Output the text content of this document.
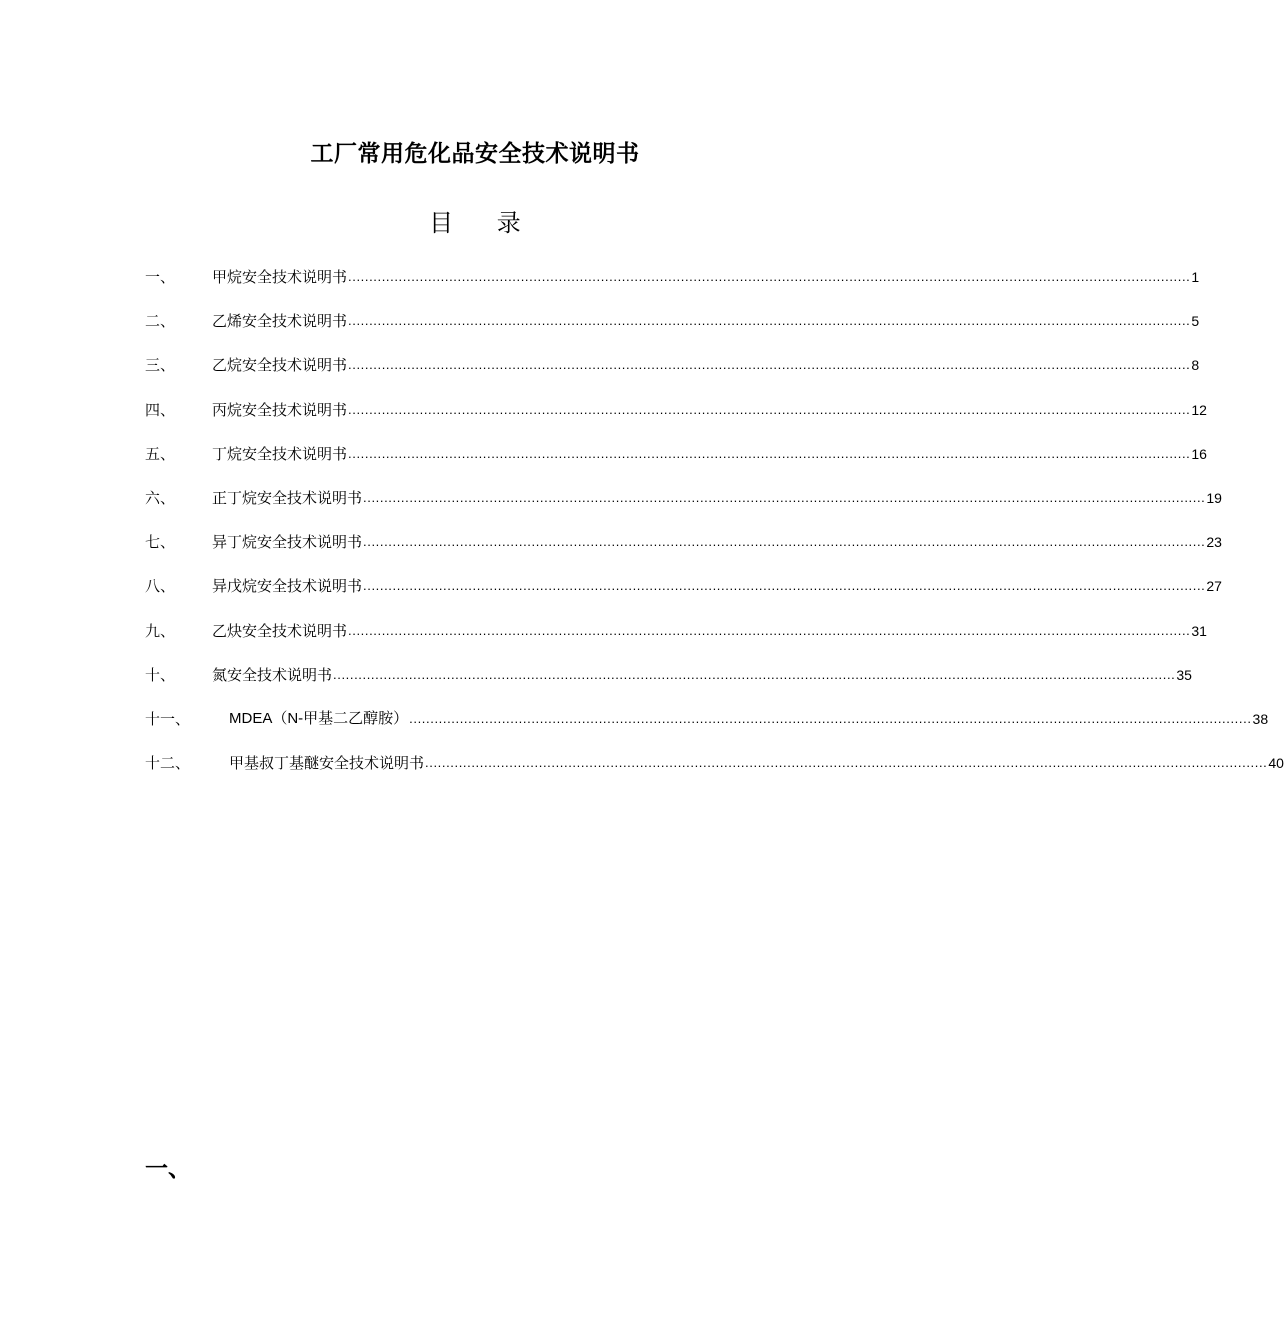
工厂常用危化品安全技术说明书
目 录
一、	甲烷安全技术说明书 ........................................................................................................................................................................................................ 1
二、	乙烯安全技术说明书 ........................................................................................................................................................................................................ 5
三、	乙烷安全技术说明书 ........................................................................................................................................................................................................ 8
四、	丙烷安全技术说明书 ........................................................................................................................................................................................................ 12
五、	丁烷安全技术说明书 ........................................................................................................................................................................................................ 16
六、	正丁烷安全技术说明书 ........................................................................................................................................................................................................ 19
七、	异丁烷安全技术说明书 ........................................................................................................................................................................................................ 23
八、	异戊烷安全技术说明书 ........................................................................................................................................................................................................ 27
九、	乙炔安全技术说明书 ........................................................................................................................................................................................................ 31
十、	氮安全技术说明书 ........................................................................................................................................................................................................ 35
十一、	MDEA（N-甲基二乙醇胺） ........................................................................................................................................................................................................ 38
十二、	甲基叔丁基醚安全技术说明书 ........................................................................................................................................................................................................ 40
一、
